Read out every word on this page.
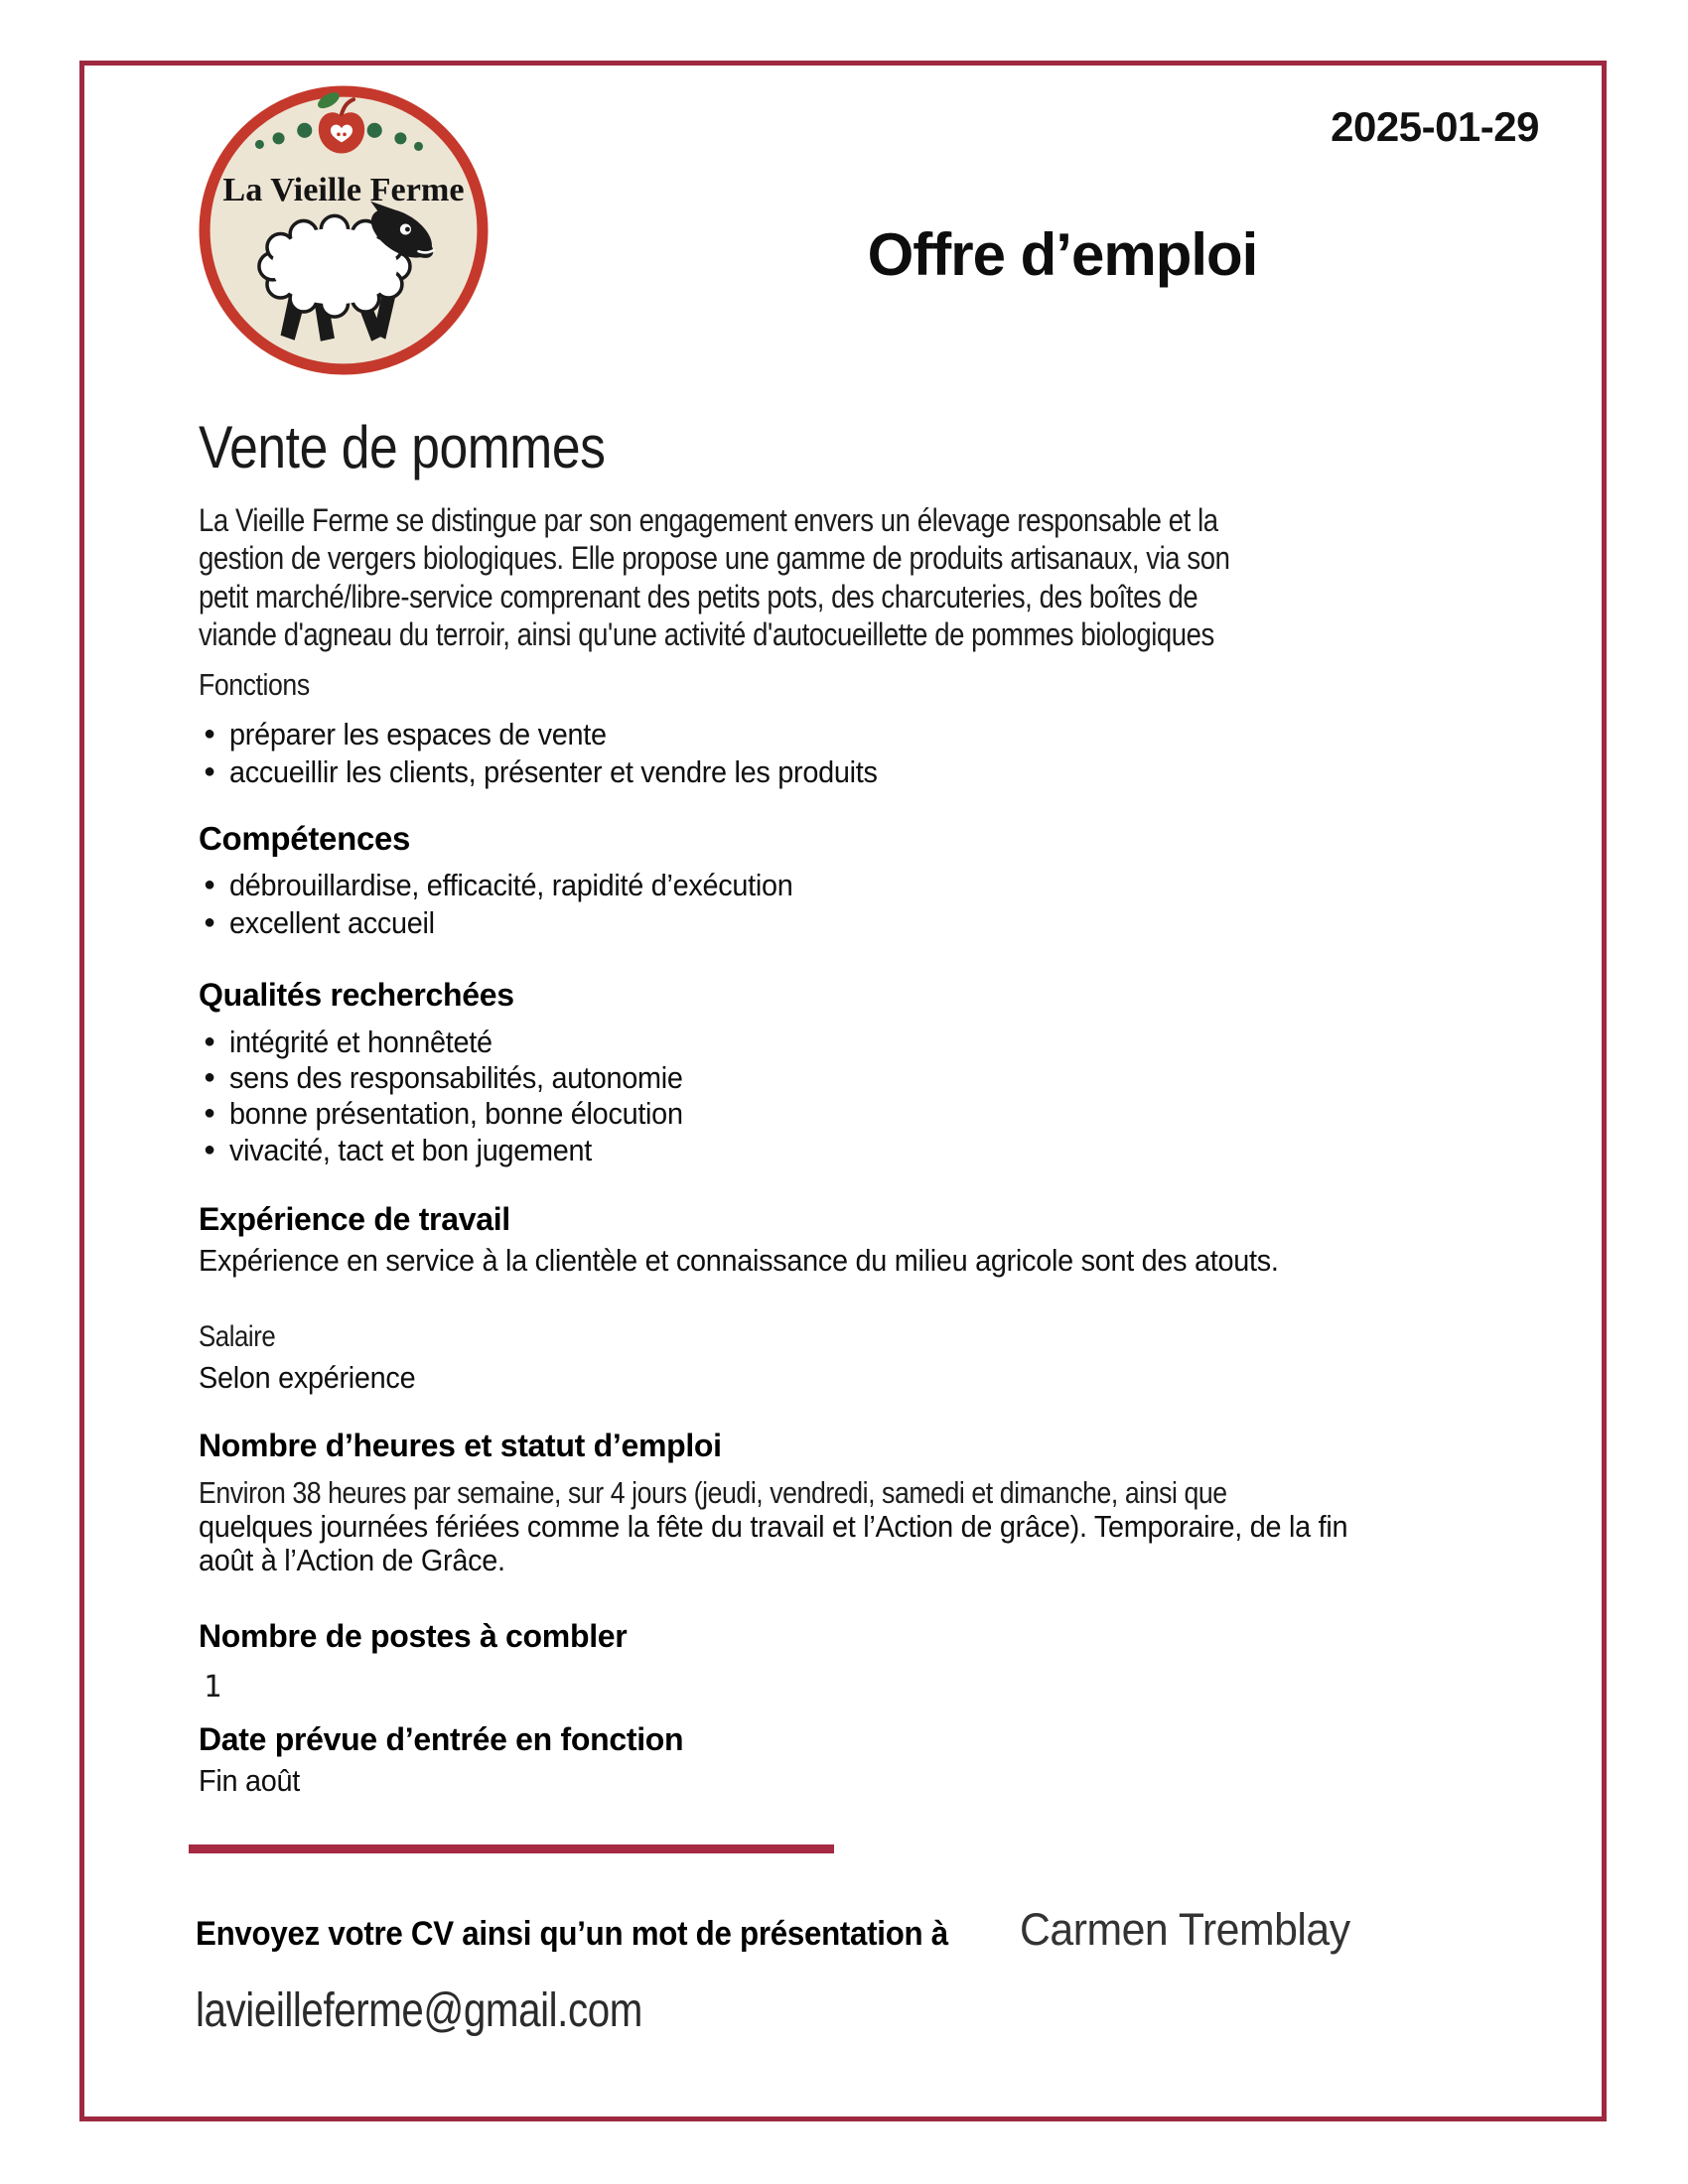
La Vieille Ferme
2025-01-29
Offre d’emploi
Vente de pommes
La Vieille Ferme se distingue par son engagement envers un élevage responsable et la
gestion de vergers biologiques. Elle propose une gamme de produits artisanaux, via son
petit marché/libre-service comprenant des petits pots, des charcuteries, des boîtes de
viande d'agneau du terroir, ainsi qu'une activité d'autocueillette de pommes biologiques
Fonctions
● préparer les espaces de vente
● accueillir les clients, présenter et vendre les produits
Compétences
● débrouillardise, efficacité, rapidité d’exécution
● excellent accueil
Qualités recherchées
● intégrité et honnêteté
● sens des responsabilités, autonomie
● bonne présentation, bonne élocution
● vivacité, tact et bon jugement
Expérience de travail
Expérience en service à la clientèle et connaissance du milieu agricole sont des atouts.
Salaire
Selon expérience
Nombre d’heures et statut d’emploi
Environ 38 heures par semaine, sur 4 jours (jeudi, vendredi, samedi et dimanche, ainsi que
quelques journées fériées comme la fête du travail et l’Action de grâce). Temporaire, de la fin
août à l’Action de Grâce.
Nombre de postes à combler
1
Date prévue d’entrée en fonction
Fin août
Envoyez votre CV ainsi qu’un mot de présentation à Carmen Tremblay
lavieilleferme@gmail.com
